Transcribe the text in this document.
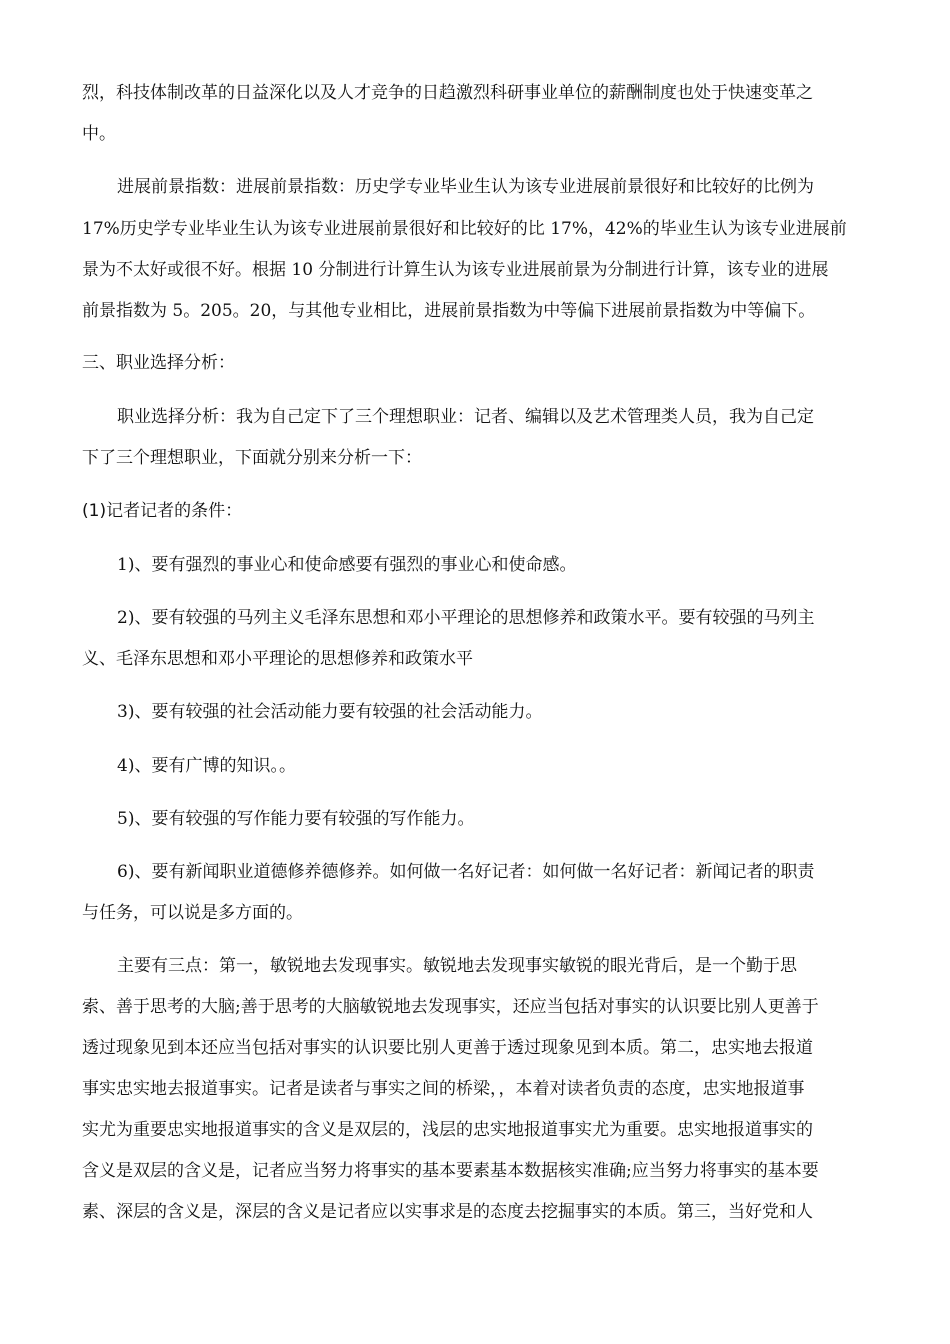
烈，科技体制改革的日益深化以及人才竞争的日趋激烈科研事业单位的薪酬制度也处于快速变革之
中。
进展前景指数：进展前景指数：历史学专业毕业生认为该专业进展前景很好和比较好的比例为
17%历史学专业毕业生认为该专业进展前景很好和比较好的比 17%，42%的毕业生认为该专业进展前
景为不太好或很不好。根据 10 分制进行计算生认为该专业进展前景为分制进行计算，该专业的进展
前景指数为 5。205。20，与其他专业相比，进展前景指数为中等偏下进展前景指数为中等偏下。
三、职业选择分析：
职业选择分析：我为自己定下了三个理想职业：记者、编辑以及艺术管理类人员，我为自己定
下了三个理想职业，下面就分别来分析一下：
(1)记者记者的条件：
1)、要有强烈的事业心和使命感要有强烈的事业心和使命感。
2)、要有较强的马列主义毛泽东思想和邓小平理论的思想修养和政策水平。要有较强的马列主
义、毛泽东思想和邓小平理论的思想修养和政策水平
3)、要有较强的社会活动能力要有较强的社会活动能力。
4)、要有广博的知识。。
5)、要有较强的写作能力要有较强的写作能力。
6)、要有新闻职业道德修养德修养。如何做一名好记者：如何做一名好记者：新闻记者的职责
与任务，可以说是多方面的。
主要有三点：第一，敏锐地去发现事实。敏锐地去发现事实敏锐的眼光背后，是一个勤于思
索、善于思考的大脑;善于思考的大脑敏锐地去发现事实，还应当包括对事实的认识要比别人更善于
透过现象见到本还应当包括对事实的认识要比别人更善于透过现象见到本质。第二，忠实地去报道
事实忠实地去报道事实。记者是读者与事实之间的桥梁，，本着对读者负责的态度，忠实地报道事
实尤为重要忠实地报道事实的含义是双层的，浅层的忠实地报道事实尤为重要。忠实地报道事实的
含义是双层的含义是，记者应当努力将事实的基本要素基本数据核实准确;应当努力将事实的基本要
素、深层的含义是，深层的含义是记者应以实事求是的态度去挖掘事实的本质。第三，当好党和人
